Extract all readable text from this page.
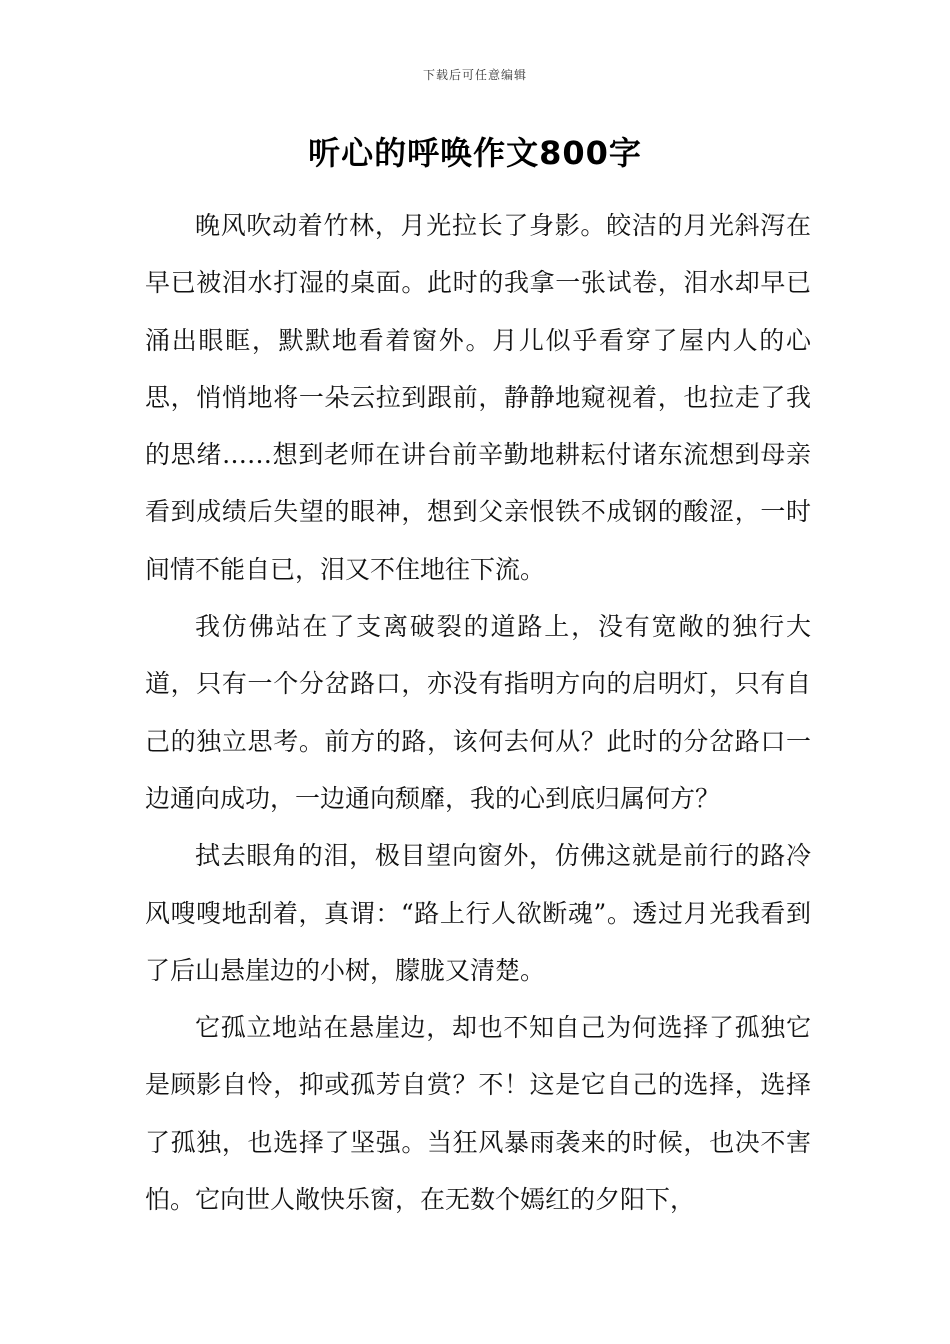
下载后可任意编辑
听心的呼唤作文800字

晚风吹动着竹林，月光拉长了身影。皎洁的月光斜泻在早已被泪水打湿的桌面。此时的我拿一张试卷，泪水却早已涌出眼眶，默默地看着窗外。月儿似乎看穿了屋内人的心思，悄悄地将一朵云拉到跟前，静静地窥视着，也拉走了我的思绪……想到老师在讲台前辛勤地耕耘付诸东流想到母亲看到成绩后失望的眼神，想到父亲恨铁不成钢的酸涩，一时间情不能自已，泪又不住地往下流。

我仿佛站在了支离破裂的道路上，没有宽敞的独行大道，只有一个分岔路口，亦没有指明方向的启明灯，只有自己的独立思考。前方的路，该何去何从？此时的分岔路口一边通向成功，一边通向颓靡，我的心到底归属何方？

拭去眼角的泪，极目望向窗外，仿佛这就是前行的路冷风嗖嗖地刮着，真谓：“路上行人欲断魂”。透过月光我看到了后山悬崖边的小树，朦胧又清楚。

它孤立地站在悬崖边，却也不知自己为何选择了孤独它是顾影自怜，抑或孤芳自赏？不！这是它自己的选择，选择了孤独，也选择了坚强。当狂风暴雨袭来的时候，也决不害怕。它向世人敞快乐窗，在无数个嫣红的夕阳下，
